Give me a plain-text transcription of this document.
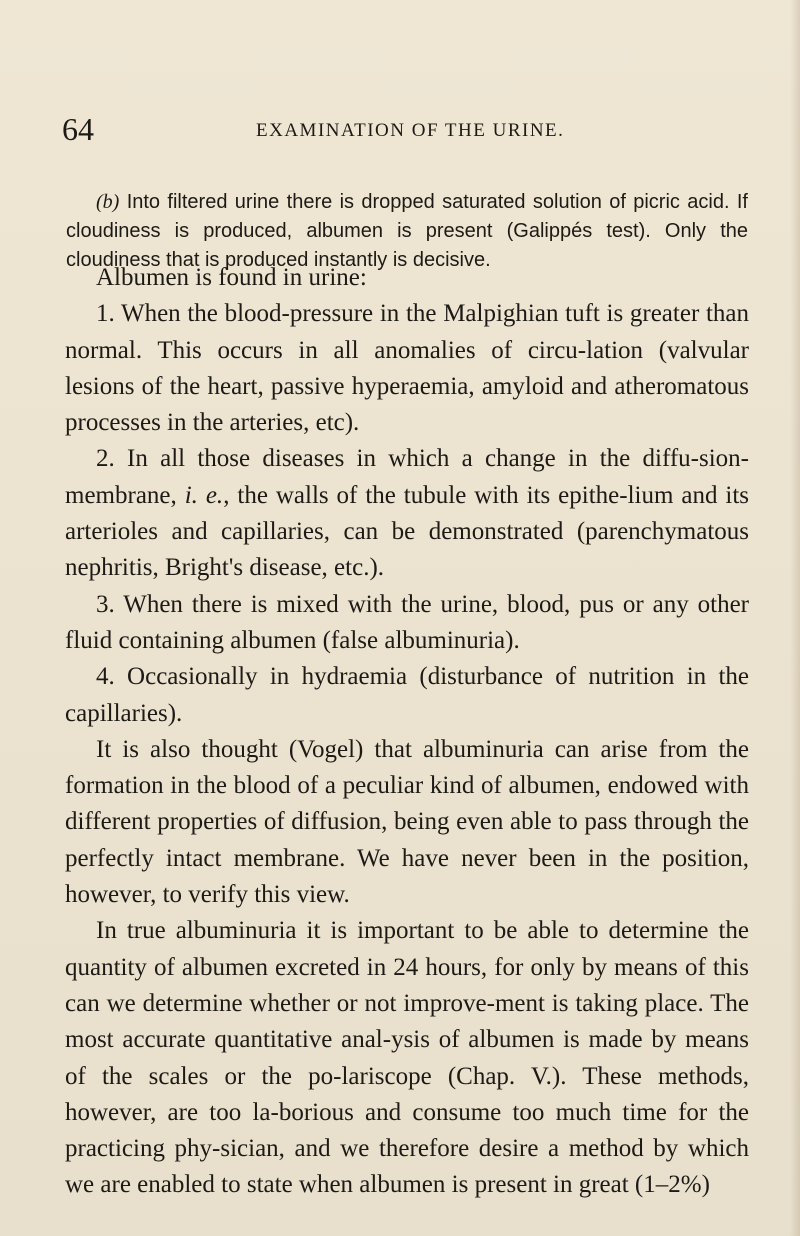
64	EXAMINATION OF THE URINE.

(b) Into filtered urine there is dropped saturated solution of picric acid. If cloudiness is produced, albumen is present (Galippés test). Only the cloudiness that is produced instantly is decisive.

Albumen is found in urine:

1. When the blood-pressure in the Malpighian tuft is greater than normal. This occurs in all anomalies of circu-lation (valvular lesions of the heart, passive hyperaemia, amyloid and atheromatous processes in the arteries, etc).

2. In all those diseases in which a change in the diffu-sion-membrane, i. e., the walls of the tubule with its epithe-lium and its arterioles and capillaries, can be demonstrated (parenchymatous nephritis, Bright's disease, etc.).

3. When there is mixed with the urine, blood, pus or any other fluid containing albumen (false albuminuria).

4. Occasionally in hydraemia (disturbance of nutrition in the capillaries).

It is also thought (Vogel) that albuminuria can arise from the formation in the blood of a peculiar kind of albumen, endowed with different properties of diffusion, being even able to pass through the perfectly intact membrane. We have never been in the position, however, to verify this view.

In true albuminuria it is important to be able to determine the quantity of albumen excreted in 24 hours, for only by means of this can we determine whether or not improve-ment is taking place. The most accurate quantitative anal-ysis of albumen is made by means of the scales or the po-lariscope (Chap. V.). These methods, however, are too la-borious and consume too much time for the practicing phy-sician, and we therefore desire a method by which we are enabled to state when albumen is present in great (1–2%)
